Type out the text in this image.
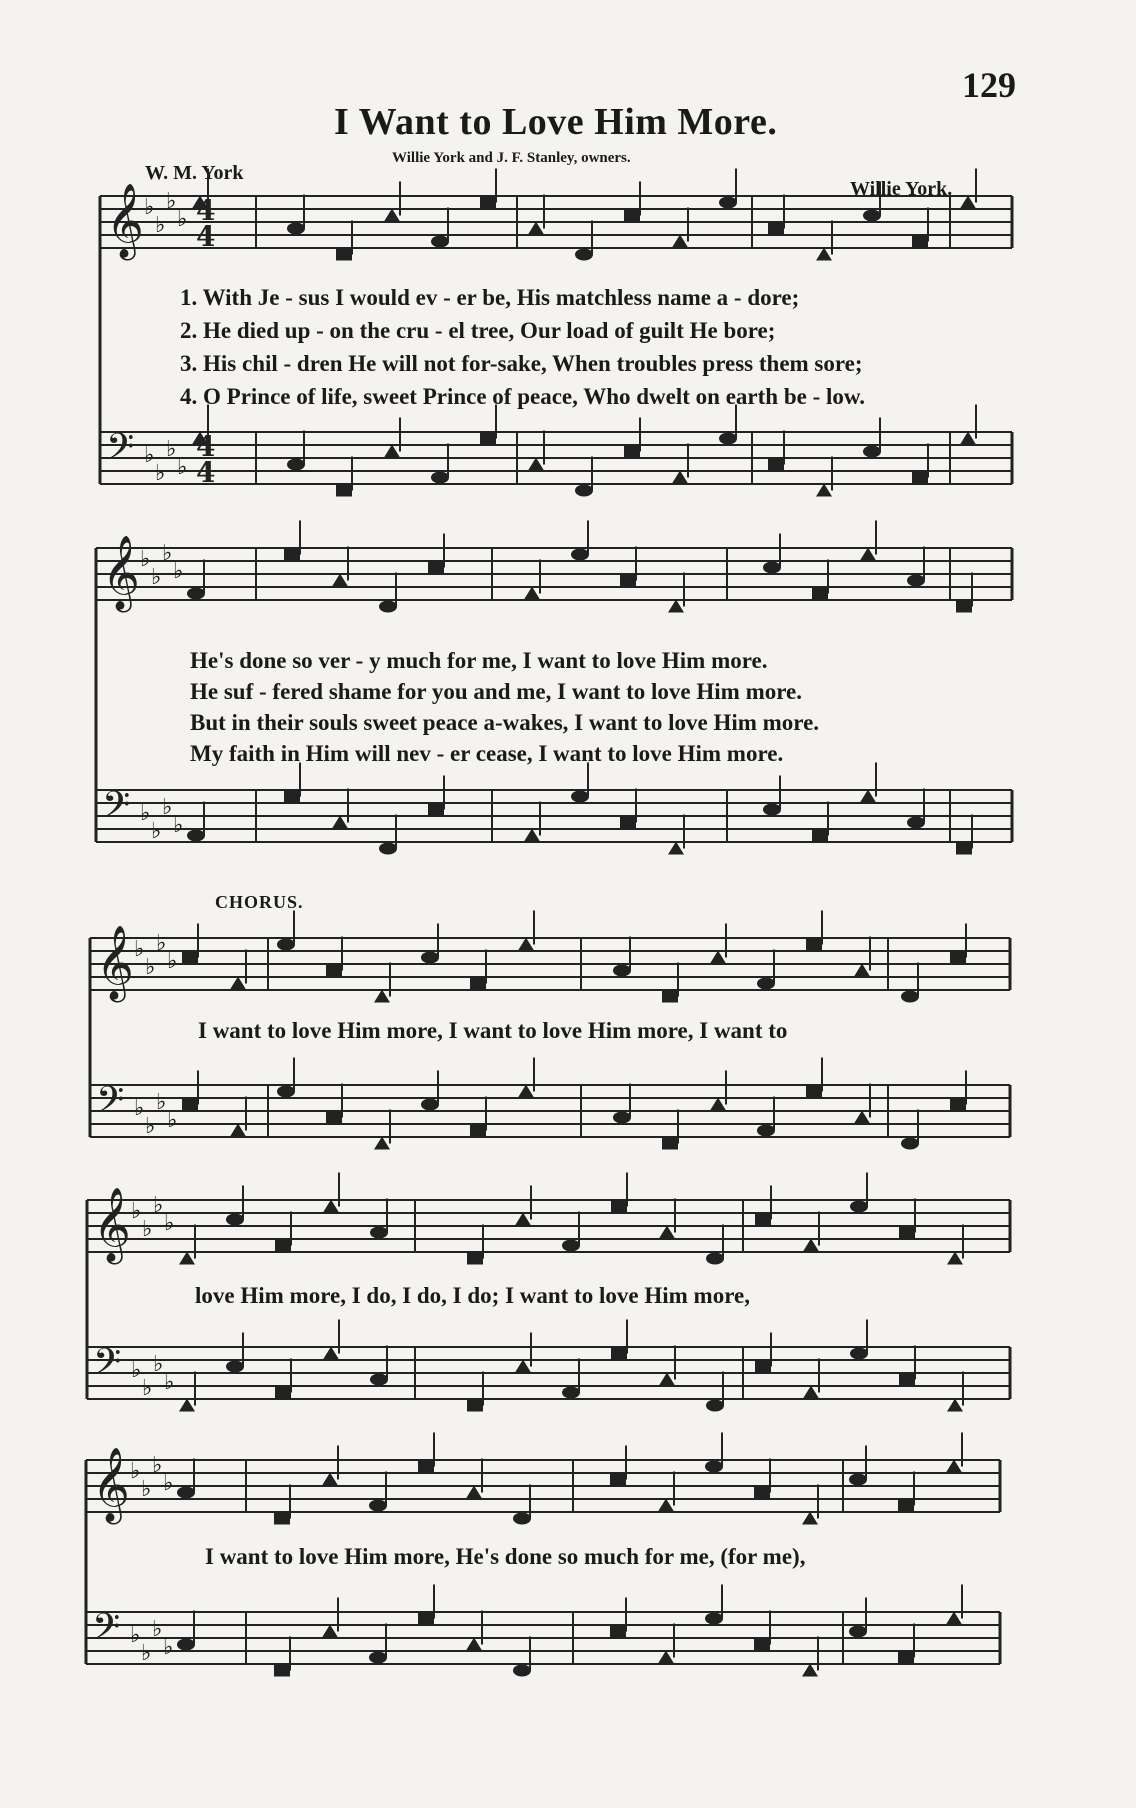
129
I Want to Love Him More.
Willie York and J. F. Stanley, owners.
W. M. York
Willie York.
𝄞 ♭
♭
♭
♭
𝄢 ♭
♭
♭
♭
𝄞 ♭
♭
♭
♭
𝄢 ♭
♭
♭
♭
𝄞 ♭
♭
♭
♭
𝄢 ♭
♭
♭
♭
𝄞 ♭
♭
♭
♭
𝄢 ♭
♭
♭
♭
𝄞 ♭
♭
♭
♭
𝄢 ♭
♭
♭
♭
4
4
4
4
1. With Je - sus I would ev - er be, His matchless name a - dore;
2. He died up - on the cru - el tree, Our load of guilt He bore;
3. His chil - dren He will not for-sake, When troubles press them sore;
4. O Prince of life, sweet Prince of peace, Who dwelt on earth be - low.
He's done so ver - y much for me, I want to love Him more.
He suf - fered shame for you and me, I want to love Him more.
But in their souls sweet peace a-wakes, I want to love Him more.
My faith in Him will nev - er cease, I want to love Him more.
CHORUS.
I want to love Him more, I want to love Him more, I want to
love Him more, I do, I do, I do; I want to love Him more,
I want to love Him more, He's done so much for me, (for me),
